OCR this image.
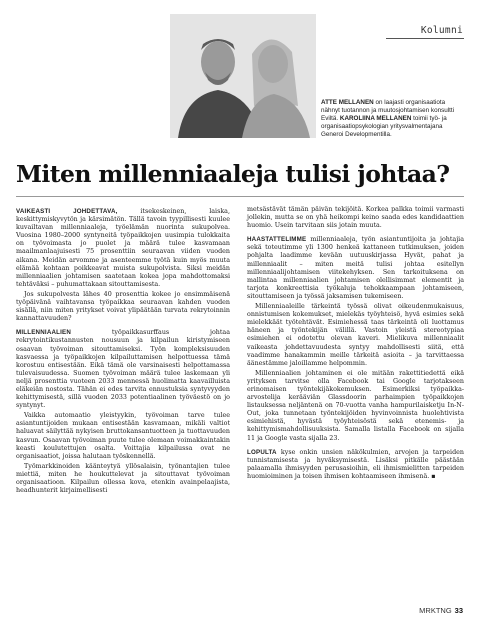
Kolumni
ATTE MELLANEN on laajasti organisaatiota nähnyt tuotannon ja muutosjohtamisen konsultti Eviltä. KAROLIINA MELLANEN toimii työ- ja organisaatiopsykologian yritysvalmentajana Generoi Developmentilla.
Miten millenniaaleja tulisi johtaa?

VAIKEASTI JOHDETTAVA, itsekeskeinen, laiska, keskittymiskyvytön ja kärsimätön. Tällä tavoin tyypillisesti kuulee kuvailtavan millenniaaleja, työelämän nuorinta sukupolvea. Vuosina 1980–2000 syntyneitä työpaikkojen uusimpia tulokkaita on työvoimasta jo puolet ja määrä tulee kasvamaan maailmanlaajuisesti 75 prosenttiin seuraavan viiden vuoden aikana. Meidän arvomme ja asenteemme työtä kuin myös muuta elämää kohtaan poikkeavat muista sukupolvista. Siksi meidän millenniaalien johtamisen saatetaan kokea jopa mahdottomaksi tehtäväksi – puhumattakaan sitouttamisesta.

Jos sukupolvesta lähes 40 prosenttia kokee jo ensimmäisenä työpäivänä vaihtavansa työpaikkaa seuraavan kahden vuoden sisällä, niin miten yritykset voivat ylipäätään turvata rekrytoinnin kannattavuuden?

MILLENNIAALIEN työpaikkasurffaus johtaa rekrytointikustannusten nousuun ja kilpailun kiristymiseen osaavan työvoiman sitouttamiseksi. Työn kompleksisuuden kasvaessa ja työpaikkojen kilpailuttamisen helpottuessa tämä korostuu entisestään. Eikä tämä ole varsinaisesti helpottamassa tulevaisuudessa. Suomen työvoiman määrä tulee laskemaan yli neljä prosenttia vuoteen 2033 mennessä huolimatta kaavailluista eläkeiän nostosta. Tähän ei edes tarvita ennustuksia syntyvyyden kehittymisestä, sillä vuoden 2033 potentiaalinen työväestö on jo syntynyt.

Vaikka automaatio yleistyykin, työvoiman tarve tulee asiantuntijoiden mukaan entisestään kasvamaan, mikäli valtiot haluavat säilyttää nykyisen bruttokansantuotteen ja tuottavuuden kasvun. Osaavan työvoiman puute tulee olemaan voimakkaintakin keasti koulutettujen osalta. Voittajia kilpailussa ovat ne organisaatiot, joissa halutaan työskennellä.

Työmarkkinoiden käänteytyä yllösalaisin, työnantajien tulee miettiä, miten he houkuttelevat ja sitouttavat työvoiman organisaatioon. Kilpailun ollessa kova, etenkin avainpelaajista, headhunterit kirjaimellisesti

metsästävät tämän päivän tekijöitä. Korkea palkka toimii varmasti jollekin, mutta se on yhä heikompi keino saada edes kandidaattien huomio. Usein tarvitaan siis jotain muuta.

HAASTATTELIMME millenniaaleja, työn asiantuntijoita ja johtajia sekä toteutimme yli 1300 henkeä kattaneen tutkimuksen, joiden pohjalta laadimme kevään uutuuskirjassa Hyvät, pahat ja millenniaalit – miten meitä tulisi johtaa esitellyn millenniaalijohtamisen viitekehyksen. Sen tarkoituksena on mallintaa millenniaalien johtamisen olellisimmat elementit ja tarjota konkreettisia työkaluja tehokkaampaan johtamiseen, sitouttamiseen ja työssä jaksamisen tukemiseen.

Millenniaaleille tärkeintä työssä olivat oikeudenmukaisuus, onnistumisen kokemukset, mielekäs työyhteisö, hyvä esimies sekä mielekkäät työtehtävät. Esimiehessä taas tärkeintä oli luottamus häneen ja työntekijän välillä. Vastoin yleistä stereotypiaa esimiehen ei odotettu olevan kaveri. Mielikuva millenniaalit vaikeasta johdettavuudesta syntyy mahdollisesti siitä, että vaadimme hanakammin meille tärkeitä asioita – ja tarvittaessa äänestämme jaloillamme helpommin.

Millenniaalien johtaminen ei ole mitään rakettitiedettä eikä yrityksen tarvitse olla Facebook tai Google tarjotakseen erinomaisen työntekijäkokemuksen. Esimerkiksi työpaikka-arvostelija kerääviän Glassdoorin parhaimpien työpaikkojen listauksessa neljäntenä on 70-vuotta vanha hampurilaisketju In-N-Out, joka tunnetaan työntekijöiden hyvinvoinnista huolehtivista esimiehistä, hyvästä työyhteisöstä sekä etenemis- ja kehittymismahdollisuuksista. Samalla listalla Facebook on sijalla 11 ja Google vasta sijalla 23.

LOPULTA kyse onkin unsien näkökulmien, arvojen ja tarpeiden tunnistamisesta ja hyväksymisestä. Lisäksi pitkälle päästään palaamalla ihmisyyden perusasioihin, eli ihmismielitten tarpeiden huomioiminen ja toisen ihmisen kohtaamiseen ihmisenä. ▪

MRKTNG 33
